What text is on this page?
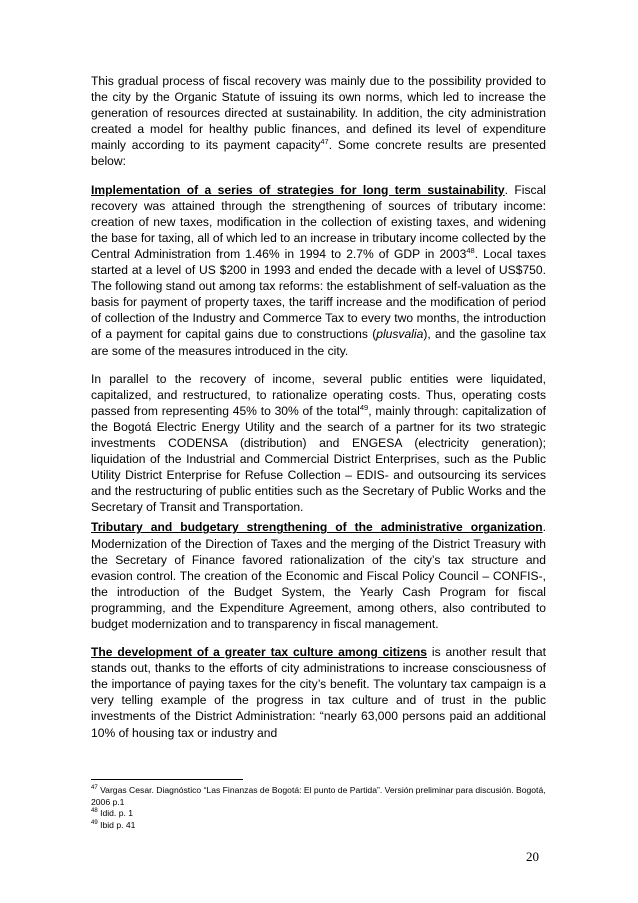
This gradual process of fiscal recovery was mainly due to the possibility provided to the city by the Organic Statute of issuing its own norms, which led to increase the generation of resources directed at sustainability. In addition, the city administration created a model for healthy public finances, and defined its level of expenditure mainly according to its payment capacity$^{47}$. Some concrete results are presented below:

Implementation of a series of strategies for long term sustainability. Fiscal recovery was attained through the strengthening of sources of tributary income: creation of new taxes, modification in the collection of existing taxes, and widening the base for taxing, all of which led to an increase in tributary income collected by the Central Administration from 1.46% in 1994 to 2.7% of GDP in 2003$^{48}$. Local taxes started at a level of US $200 in 1993 and ended the decade with a level of US$750. The following stand out among tax reforms: the establishment of self-valuation as the basis for payment of property taxes, the tariff increase and the modification of period of collection of the Industry and Commerce Tax to every two months, the introduction of a payment for capital gains due to constructions (plusvalia), and the gasoline tax are some of the measures introduced in the city.

In parallel to the recovery of income, several public entities were liquidated, capitalized, and restructured, to rationalize operating costs. Thus, operating costs passed from representing 45% to 30% of the total$^{49}$, mainly through: capitalization of the Bogotá Electric Energy Utility and the search of a partner for its two strategic investments CODENSA (distribution) and ENGESA (electricity generation); liquidation of the Industrial and Commercial District Enterprises, such as the Public Utility District Enterprise for Refuse Collection – EDIS- and outsourcing its services and the restructuring of public entities such as the Secretary of Public Works and the Secretary of Transit and Transportation.

Tributary and budgetary strengthening of the administrative organization. Modernization of the Direction of Taxes and the merging of the District Treasury with the Secretary of Finance favored rationalization of the city’s tax structure and evasion control. The creation of the Economic and Fiscal Policy Council – CONFIS-, the introduction of the Budget System, the Yearly Cash Program for fiscal programming, and the Expenditure Agreement, among others, also contributed to budget modernization and to transparency in fiscal management.

The development of a greater tax culture among citizens is another result that stands out, thanks to the efforts of city administrations to increase consciousness of the importance of paying taxes for the city’s benefit. The voluntary tax campaign is a very telling example of the progress in tax culture and of trust in the public investments of the District Administration: “nearly 63,000 persons paid an additional 10% of housing tax or industry and

$^{47}$ Vargas Cesar. Diagnóstico “Las Finanzas de Bogotá: El punto de Partida”. Versión preliminar para discusión. Bogotá, 2006 p.1
$^{48}$ Idid. p. 1
$^{49}$ Ibid p. 41
20
